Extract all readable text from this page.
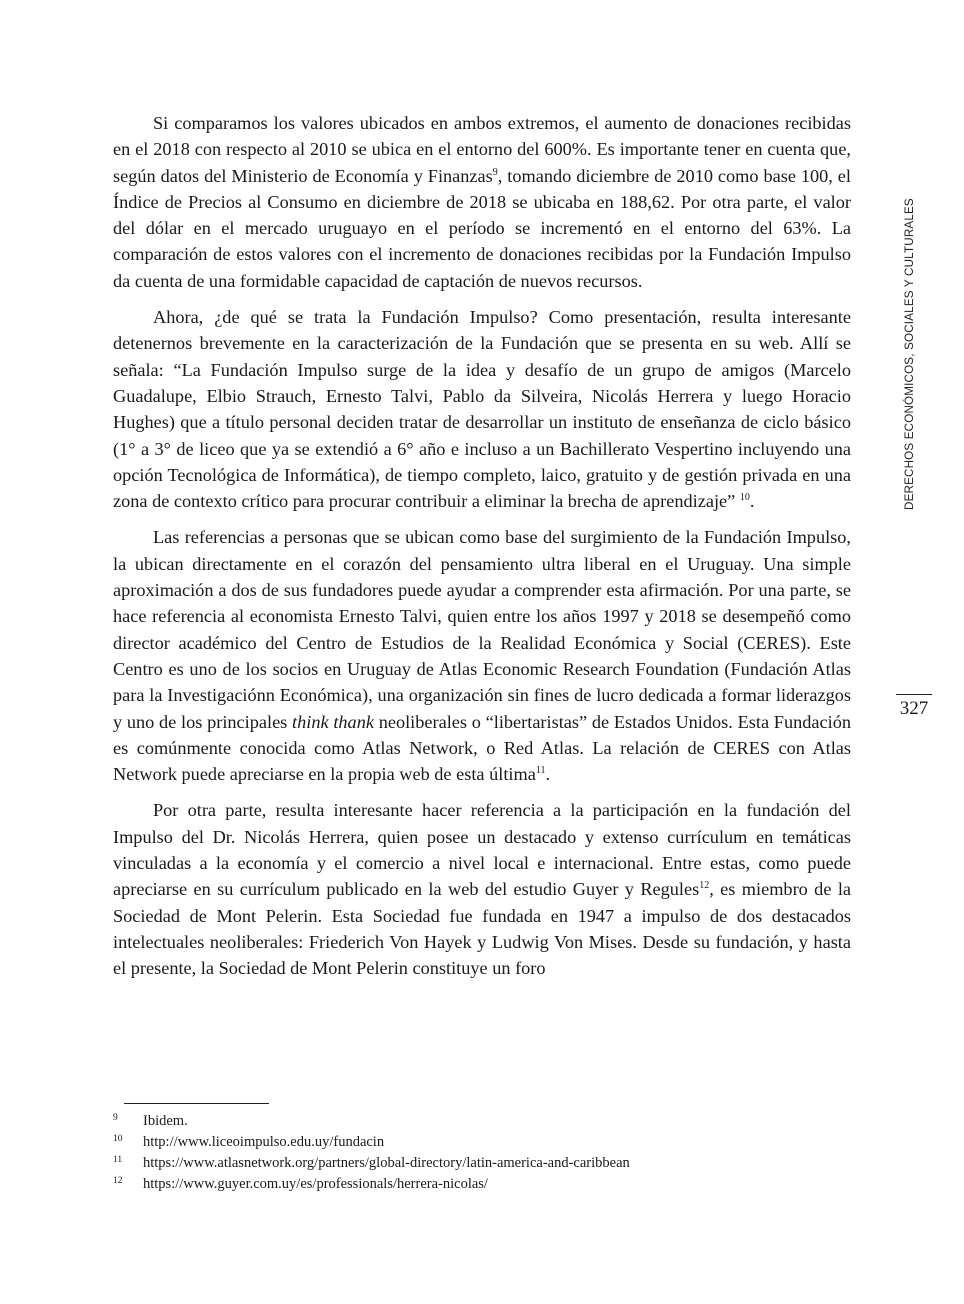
DERECHOS ECONÓMICOS, SOCIALES Y CULTURALES
327

Si comparamos los valores ubicados en ambos extremos, el aumento de donaciones recibidas en el 2018 con respecto al 2010 se ubica en el entorno del 600%. Es importante tener en cuenta que, según datos del Ministerio de Economía y Finanzas$^9$, tomando diciembre de 2010 como base 100, el Índice de Precios al Consumo en diciembre de 2018 se ubicaba en 188,62. Por otra parte, el valor del dólar en el mercado uruguayo en el período se incrementó en el entorno del 63%. La comparación de estos valores con el incremento de donaciones recibidas por la Fundación Impulso da cuenta de una formidable capacidad de captación de nuevos recursos.

Ahora, ¿de qué se trata la Fundación Impulso? Como presentación, resulta interesante detenernos brevemente en la caracterización de la Fundación que se presenta en su web. Allí se señala: “La Fundación Impulso surge de la idea y desafío de un grupo de amigos (Marcelo Guadalupe, Elbio Strauch, Ernesto Talvi, Pablo da Silveira, Nicolás Herrera y luego Horacio Hughes) que a título personal deciden tratar de desarrollar un instituto de enseñanza de ciclo básico (1° a 3° de liceo que ya se extendió a 6° año e incluso a un Bachillerato Vespertino incluyendo una opción Tecnológica de Informática), de tiempo completo, laico, gratuito y de gestión privada en una zona de contexto crítico para procurar contribuir a eliminar la brecha de aprendizaje” $^{10}$.

Las referencias a personas que se ubican como base del surgimiento de la Fundación Impulso, la ubican directamente en el corazón del pensamiento ultra liberal en el Uruguay. Una simple aproximación a dos de sus fundadores puede ayudar a comprender esta afirmación. Por una parte, se hace referencia al economista Ernesto Talvi, quien entre los años 1997 y 2018 se desempeñó como director académico del Centro de Estudios de la Realidad Económica y Social (CERES). Este Centro es uno de los socios en Uruguay de Atlas Economic Research Foundation (Fundación Atlas para la Investigaciónn Económica), una organización sin fines de lucro dedicada a formar liderazgos y uno de los principales think thank neoliberales o “libertaristas” de Estados Unidos. Esta Fundación es comúnmente conocida como Atlas Network, o Red Atlas. La relación de CERES con Atlas Network puede apreciarse en la propia web de esta última$^{11}$.

Por otra parte, resulta interesante hacer referencia a la participación en la fundación del Impulso del Dr. Nicolás Herrera, quien posee un destacado y extenso currículum en temáticas vinculadas a la economía y el comercio a nivel local e internacional. Entre estas, como puede apreciarse en su currículum publicado en la web del estudio Guyer y Regules$^{12}$, es miembro de la Sociedad de Mont Pelerin. Esta Sociedad fue fundada en 1947 a impulso de dos destacados intelectuales neoliberales: Friederich Von Hayek y Ludwig Von Mises. Desde su fundación, y hasta el presente, la Sociedad de Mont Pelerin constituye un foro

9 Ibidem.
10 http://www.liceoimpulso.edu.uy/fundacin
11 https://www.atlasnetwork.org/partners/global-directory/latin-america-and-caribbean
12 https://www.guyer.com.uy/es/professionals/herrera-nicolas/
